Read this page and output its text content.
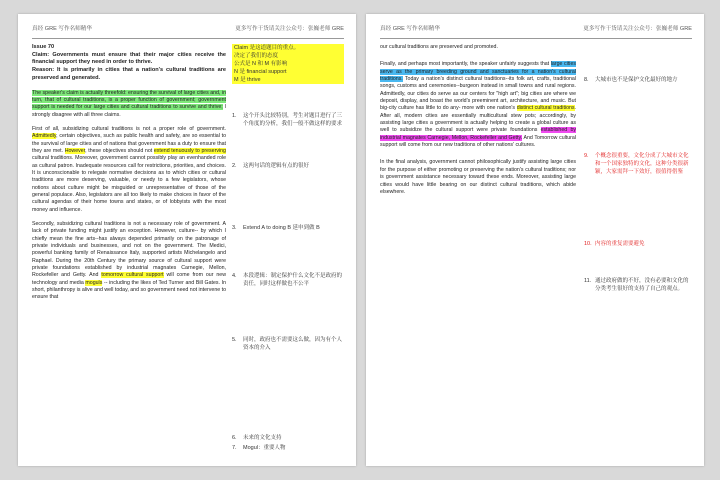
真经 GRE 写作名师精华	更多写作干货请关注公众号：张巍老师 GRE
Issue 70
Claim: Governments must ensure that their major cities receive the financial support they need in order to thrive.
Reason: It is primarily in cities that a nation's cultural traditions are preserved and generated.

The speaker's claim is actually threefold: ensuring the survival of large cities and, in turn, that of cultural traditions, is a proper function of government; government support is needed for our large cities and cultural traditions to survive and thrive; I strongly disagree with all three claims.

First of all, subsidizing cultural traditions is not a proper role of government. Admittedly, certain objectives, such as public health and safety, are so essential to the survival of large cities and of nations that government has a duty to ensure that they are met. However, these objectives should not extend tenuously to preserving cultural traditions. Moreover, government cannot possibly play an evenhanded role as cultural patron. Inadequate resources call for restrictions, priorities, and choices. It is unconscionable to relegate normative decisions as to which cities or cultural traditions are more deserving, valuable, or needy to a few legislators, whose notions about culture might be misguided or unrepresentative of those of the general populace. Also, legislators are all too likely to make choices in favor of the cultural agendas of their home towns and states, or of lobbyists with the most money and influence.

Secondly, subsidizing cultural traditions is not a necessary role of government. A lack of private funding might justify an exception. However, culture-- by which I chiefly mean the fine arts--has always depended primarily on the patronage of private individuals and businesses, and not on the government. The Medici, powerful banking family of Renaissance Italy, supported artists Michelangelo and Raphael. During the 20th Century the primary source of cultural support were private foundations established by industrial magnates Carnegie, Mellon, Rockefeller and Getty. And tomorrow cultural support will come from our new technology and media moguls -- including the likes of Ted Turner and Bill Gates. In short, philanthropy is alive and well today, and so government need not intervene to ensure that

Claim 是这道题目的重点。
决定了我们的态度
公式是 N 和 M 有影响
N 是 financial support
M 是 thrive
1. 这个开头比较特别，考生对题目进行了三个角度的分析，我们一般不做这样的要求
2. 这两句话的逻辑有点的很好
3. Extend A to doing B 延申到做 B
4. 本段逻辑：制定保护什么文化不是政府的责任，同时这样做也不公平
5. 同时，政府也不需要这么做，因为有个人资本的介入
6. 未来的文化支持
7. Mogul：重要人物
真经 GRE 写作名师精华	更多写作干货请关注公众号：张巍老师 GRE

our cultural traditions are preserved and promoted.

Finally, and perhaps most importantly, the speaker unfairly suggests that large cities serve as the primary breeding ground and sanctuaries for a nation's cultural traditions. Today a nation's distinct cultural traditions--its folk art, crafts, traditional songs, customs and ceremonies--burgeon instead in small towns and rural regions. Admittedly, our cities do serve as our centers for "high art"; big cities are where we deposit, display, and boast the world's preeminent art, architecture, and music. But big-city culture has little to do any- more with one nation's distinct cultural traditions. After all, modern cities are essentially multicultural stew pots; accordingly, by assisting large cities a government is actually helping to create a global culture as well to subsidize the cultural support were private foundations established by industrial magnates Carnegie, Mellon, Rockefeller and Getty. And Tomorrow cultural support will come from our new traditions of other nations' cultures.

In the final analysis, government cannot philosophically justify assisting large cities for the purpose of either promoting or preserving the nation's cultural traditions; nor is government assistance necessary toward these ends. Moreover, assisting large cities would have little bearing on our distinct cultural traditions, which abide elsewhere.

8. 大城市也不是保护文化最好的地方
9. 个概念很重要，文化分成了大城市文化和一个国家独特的文化，这种分类很新颖，大家需拜一下效好，很值得借鉴
10. 内容的重复需要避免
11. 通过政府做的不好，没有必要和文化的分类考生很好的支持了自己的观点。
